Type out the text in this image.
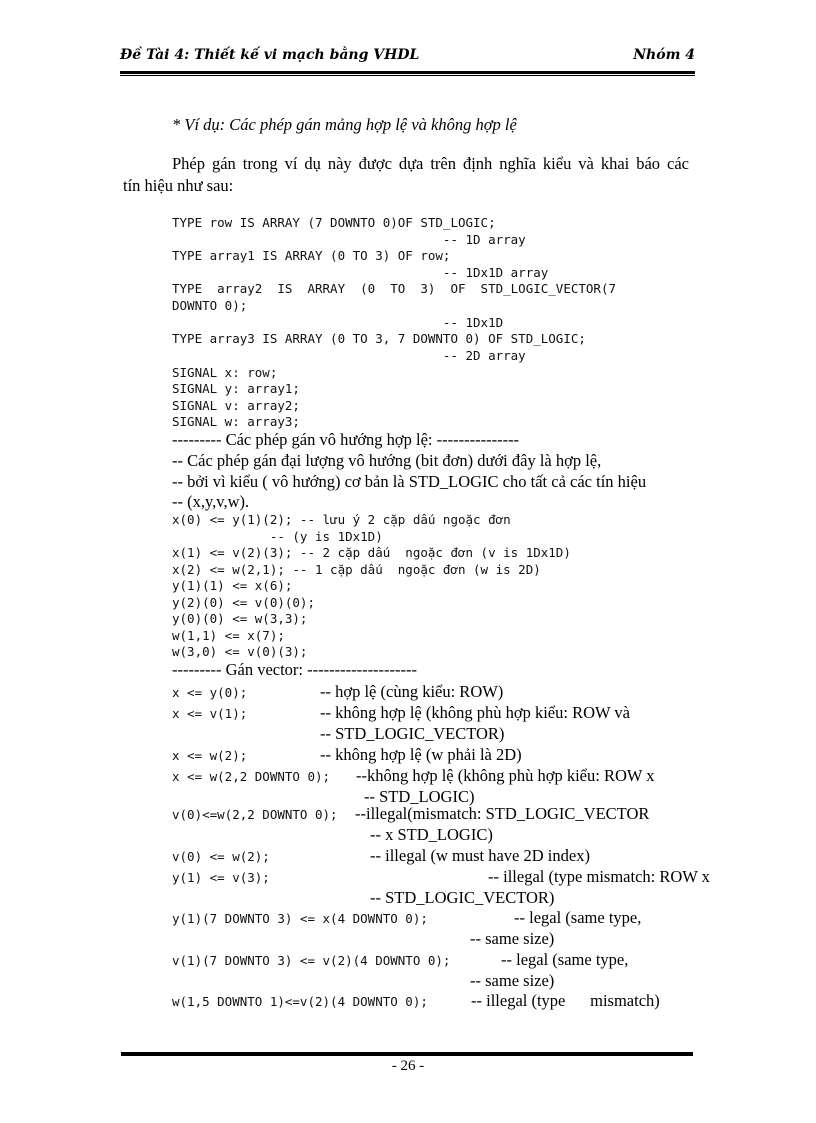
Đề Tài 4: Thiết kế vi mạch bằng VHDL	Nhóm 4
* Ví dụ: Các phép gán mảng hợp lệ và không hợp lệ
Phép gán trong ví dụ này được dựa trên định nghĩa kiểu và khai báo các
tín hiệu như sau:
TYPE row IS ARRAY (7 DOWNTO 0)OF STD_LOGIC;
-- 1D array
TYPE array1 IS ARRAY (0 TO 3) OF row;
-- 1Dx1D array
TYPE  array2  IS  ARRAY  (0  TO  3)  OF  STD_LOGIC_VECTOR(7
DOWNTO 0);
-- 1Dx1D
TYPE array3 IS ARRAY (0 TO 3, 7 DOWNTO 0) OF STD_LOGIC;
-- 2D array
SIGNAL x: row;
SIGNAL y: array1;
SIGNAL v: array2;
SIGNAL w: array3;
--------- Các phép gán vô hướng hợp lệ: ---------------
-- Các phép gán đại lượng vô hướng (bit đơn) dưới đây là hợp lệ,
-- bởi vì kiểu ( vô hướng) cơ bản là STD_LOGIC cho tất cả các tín hiệu
-- (x,y,v,w).
x(0) <= y(1)(2); -- lưu ý 2 cặp dấu ngoặc đơn
-- (y is 1Dx1D)
x(1) <= v(2)(3); -- 2 cặp dấu  ngoặc đơn (v is 1Dx1D)
x(2) <= w(2,1); -- 1 cặp dấu  ngoặc đơn (w is 2D)
y(1)(1) <= x(6);
y(2)(0) <= v(0)(0);
y(0)(0) <= w(3,3);
w(1,1) <= x(7);
w(3,0) <= v(0)(3);
--------- Gán vector: --------------------
x <= y(0);	-- hợp lệ (cùng kiểu: ROW)
x <= v(1);	-- không hợp lệ (không phù hợp kiểu: ROW và
-- STD_LOGIC_VECTOR)
x <= w(2);	-- không hợp lệ (w phải là 2D)
x <= w(2,2 DOWNTO 0); --không hợp lệ (không phù hợp kiểu: ROW x
-- STD_LOGIC)
v(0)<=w(2,2 DOWNTO 0); --illegal(mismatch: STD_LOGIC_VECTOR
-- x STD_LOGIC)
v(0) <= w(2);	-- illegal (w must have 2D index)
y(1) <= v(3);	-- illegal (type mismatch: ROW x
-- STD_LOGIC_VECTOR)
y(1)(7 DOWNTO 3) <= x(4 DOWNTO 0);	-- legal (same type,
-- same size)
v(1)(7 DOWNTO 3) <= v(2)(4 DOWNTO 0);	-- legal (same type,
-- same size)
w(1,5 DOWNTO 1)<=v(2)(4 DOWNTO 0);	-- illegal (type      mismatch)
- 26 -
